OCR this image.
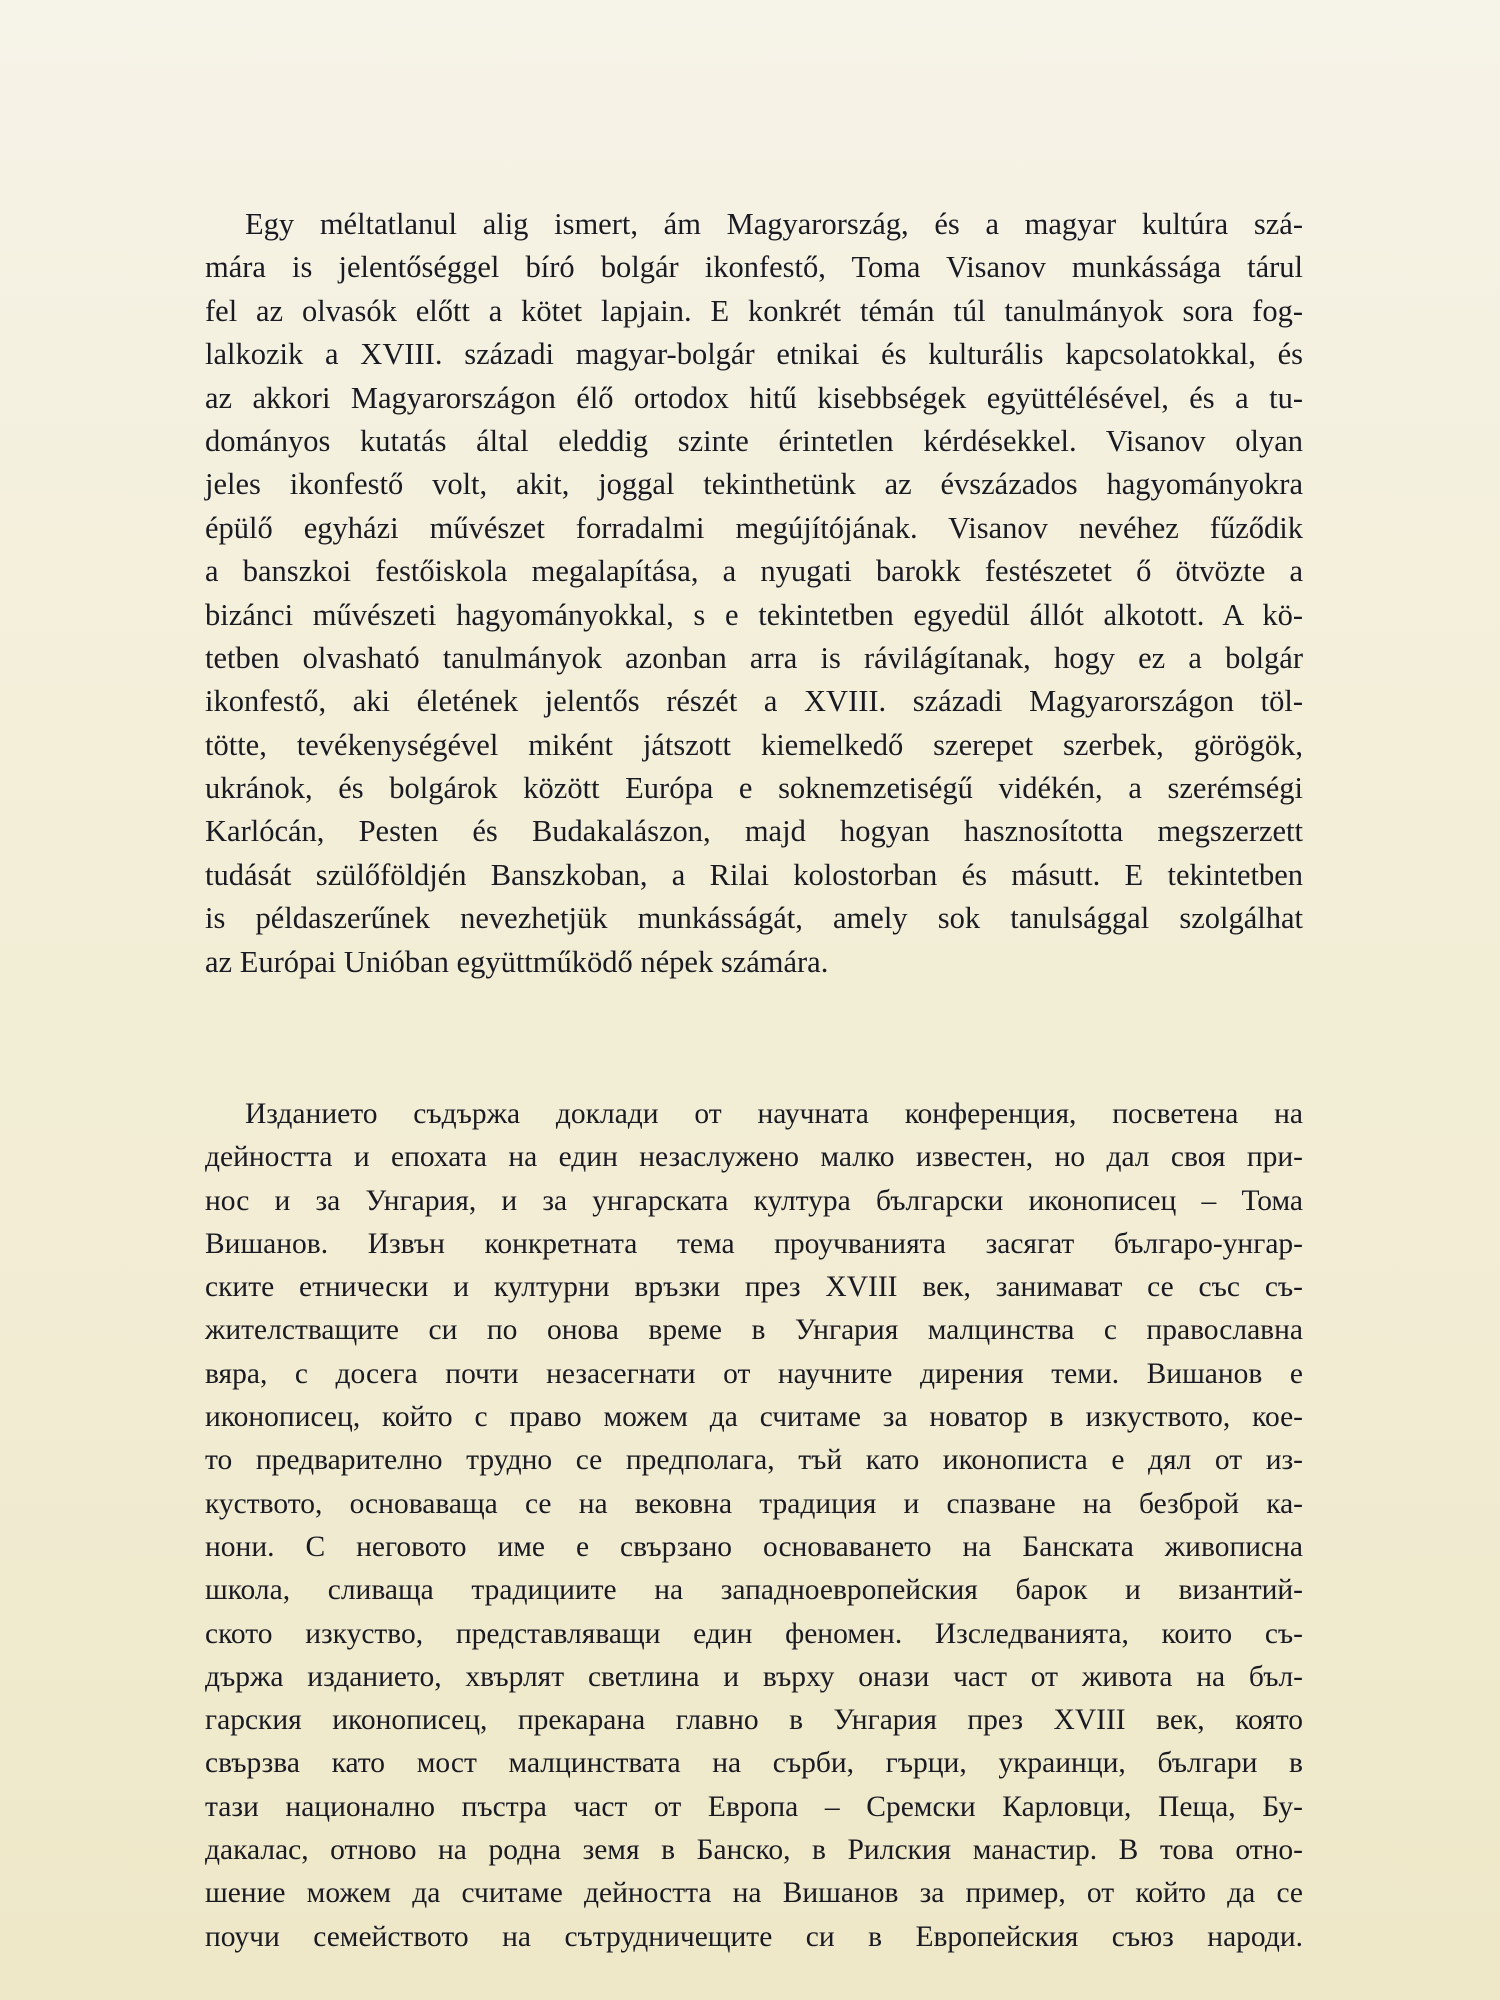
Egy méltatlanul alig ismert, ám Magyarország, és a magyar kultúra szá-
mára is jelentőséggel bíró bolgár ikonfestő, Toma Visanov munkássága tárul
fel az olvasók előtt a kötet lapjain. E konkrét témán túl tanulmányok sora fog-
lalkozik a XVIII. századi magyar-bolgár etnikai és kulturális kapcsolatokkal, és
az akkori Magyarországon élő ortodox hitű kisebbségek együttélésével, és a tu-
dományos kutatás által eleddig szinte érintetlen kérdésekkel. Visanov olyan
jeles ikonfestő volt, akit, joggal tekinthetünk az évszázados hagyományokra
épülő egyházi művészet forradalmi megújítójának. Visanov nevéhez fűződik
a banszkoi festőiskola megalapítása, a nyugati barokk festészetet ő ötvözte a
bizánci művészeti hagyományokkal, s e tekintetben egyedül állót alkotott. A kö-
tetben olvasható tanulmányok azonban arra is rávilágítanak, hogy ez a bolgár
ikonfestő, aki életének jelentős részét a XVIII. századi Magyarországon töl-
tötte, tevékenységével miként játszott kiemelkedő szerepet szerbek, görögök,
ukránok, és bolgárok között Európa e soknemzetiségű vidékén, a szerémségi
Karlócán, Pesten és Budakalászon, majd hogyan hasznosította megszerzett
tudását szülőföldjén Banszkoban, a Rilai kolostorban és másutt. E tekintetben
is példaszerűnek nevezhetjük munkásságát, amely sok tanulsággal szolgálhat
az Európai Unióban együttműködő népek számára.
Изданието съдържа доклади от научната конференция, посветена на
дейността и епохата на един незаслужено малко известен, но дал своя при-
нос и за Унгария, и за унгарската култура български иконописец – Тома
Вишанов. Извън конкретната тема проучванията засягат българо-унгар-
ските етнически и културни връзки през XVIII век, занимават се със съ-
жителстващите си по онова време в Унгария малцинства с православна
вяра, с досега почти незасегнати от научните дирения теми. Вишанов е
иконописец, който с право можем да считаме за новатор в изкуството, кое-
то предварително трудно се предполага, тъй като иконописта е дял от из-
куството, основаваща се на вековна традиция и спазване на безброй ка-
нони. С неговото име е свързано основаването на Банската живописна
школа, сливаща традициите на западноевропейския барок и византий-
ското изкуство, представляващи един феномен. Изследванията, които съ-
държа изданието, хвърлят светлина и върху онази част от живота на бъл-
гарския иконописец, прекарана главно в Унгария през XVIII век, която
свързва като мост малцинствата на сърби, гърци, украинци, българи в
тази национално пъстра част от Европа – Сремски Карловци, Пеща, Бу-
дакалас, отново на родна земя в Банско, в Рилския манастир. В това отно-
шение можем да считаме дейността на Вишанов за пример, от който да се
поучи семейството на сътрудничещите си в Европейския съюз народи.
